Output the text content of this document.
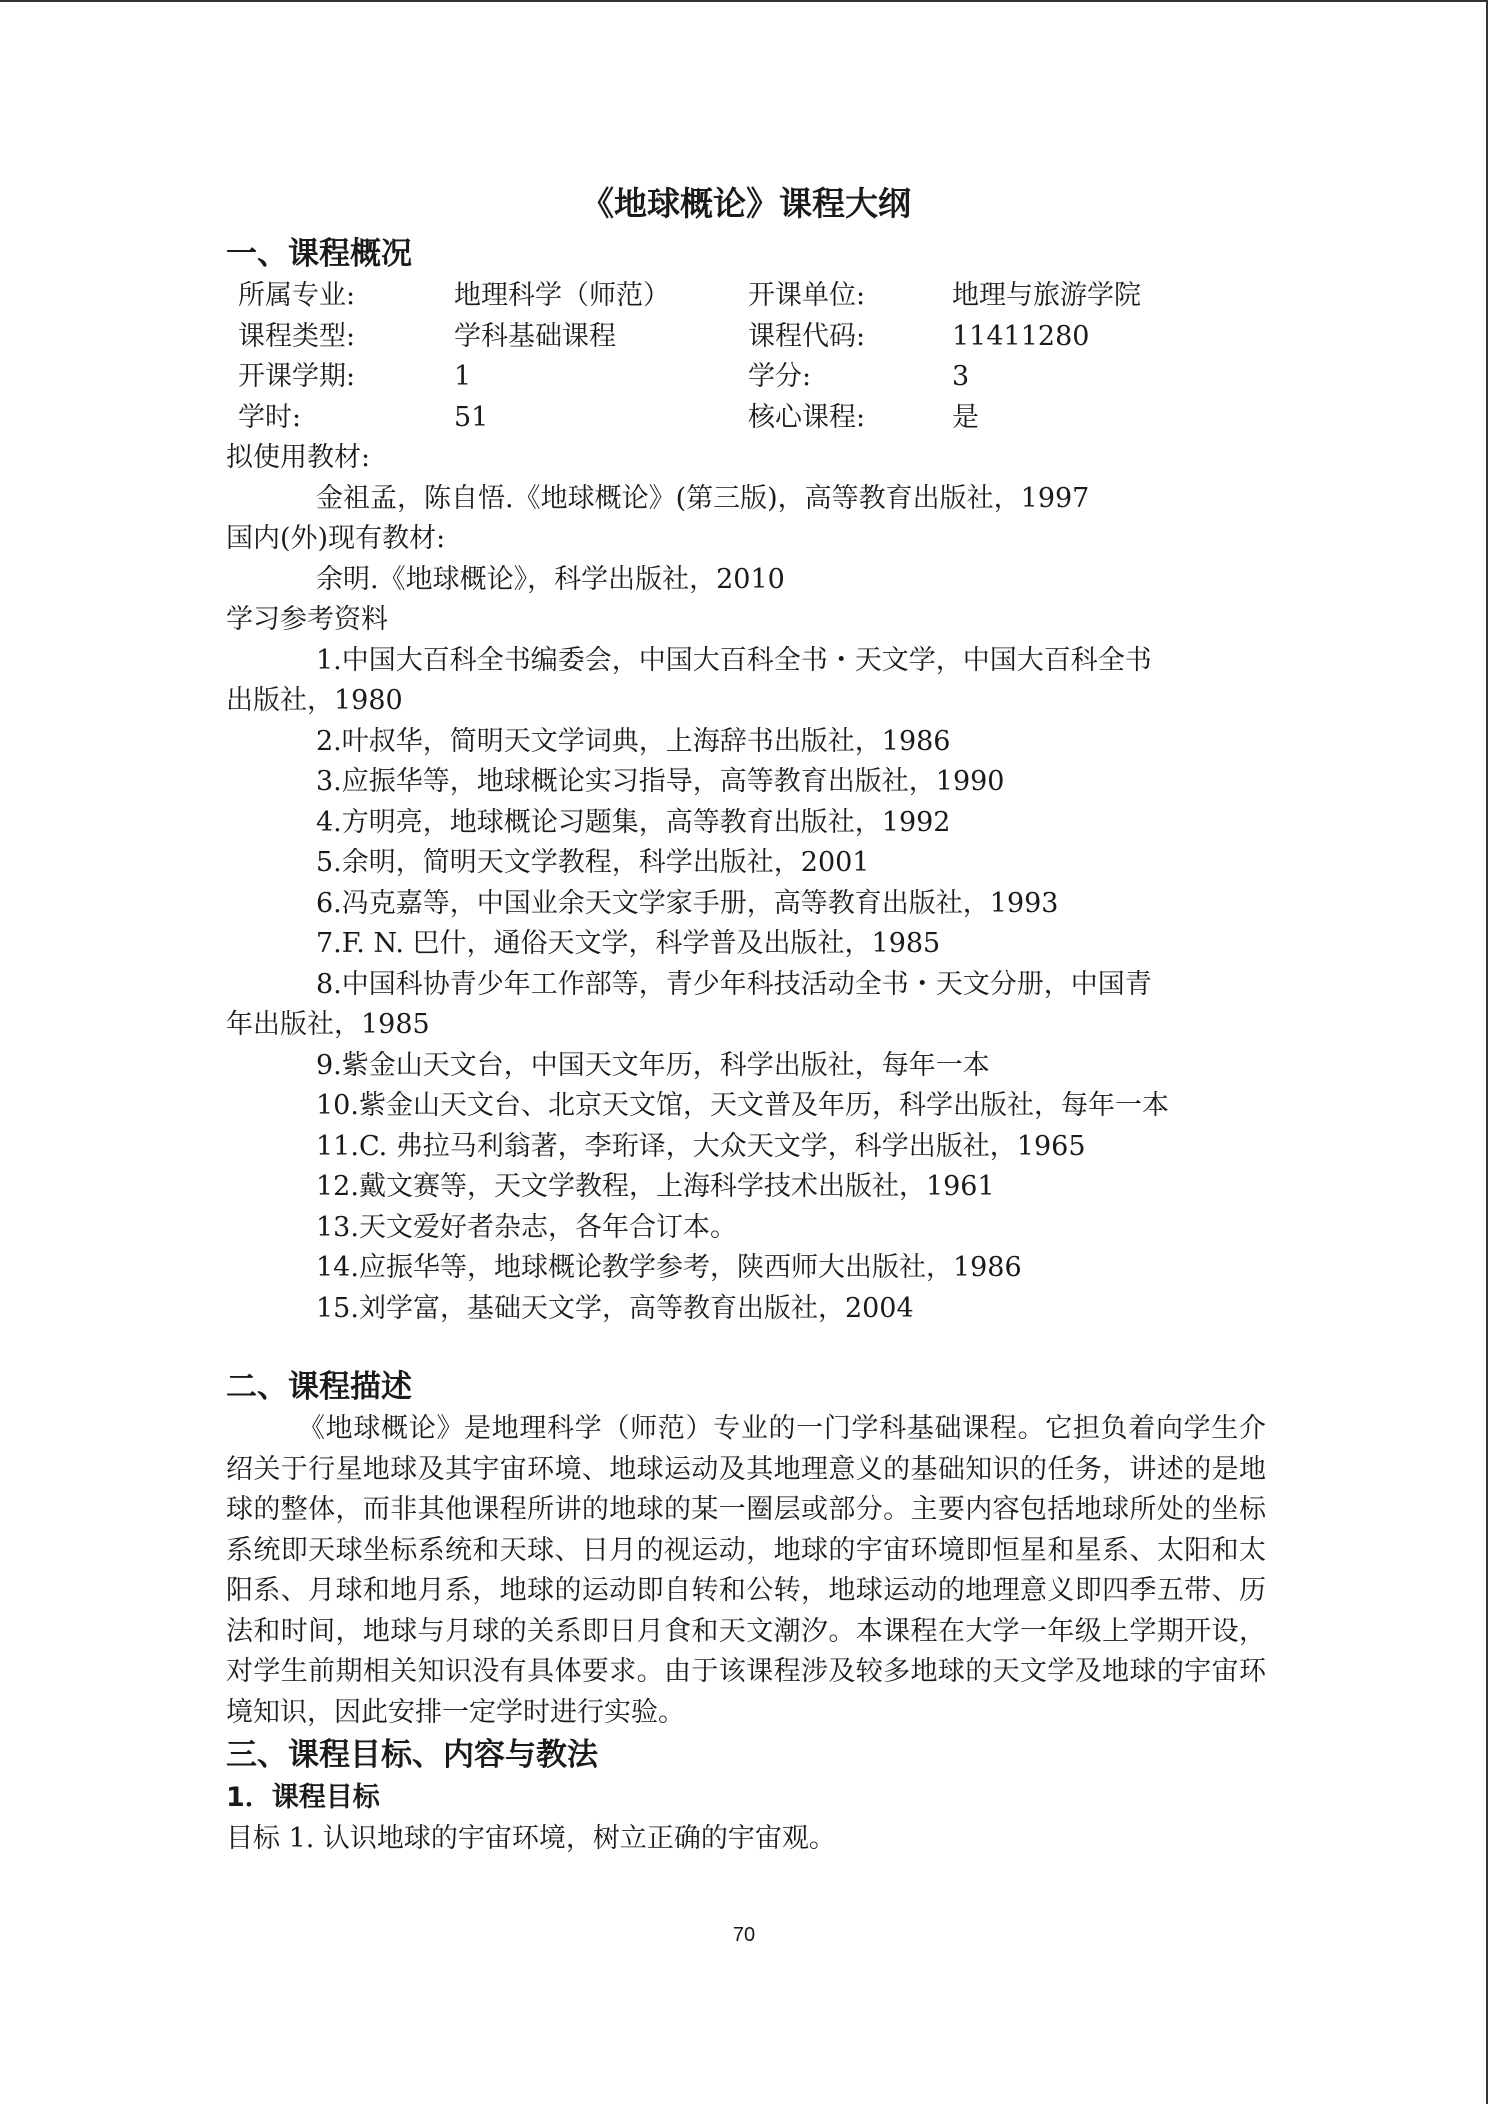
《地球概论》课程大纲
一、课程概况
所属专业:	地理科学（师范）	开课单位:	地理与旅游学院
课程类型:	学科基础课程	课程代码:	11411280
开课学期:	1	学分:	3
学时:	51	核心课程:	是
拟使用教材:
金祖孟，陈自悟.《地球概论》(第三版)，高等教育出版社，1997
国内(外)现有教材:
余明.《地球概论》，科学出版社，2010
学习参考资料
1.中国大百科全书编委会，中国大百科全书・天文学，中国大百科全书
出版社，1980
2.叶叔华，简明天文学词典，上海辞书出版社，1986
3.应振华等，地球概论实习指导，高等教育出版社，1990
4.方明亮，地球概论习题集，高等教育出版社，1992
5.余明，简明天文学教程，科学出版社，2001
6.冯克嘉等，中国业余天文学家手册，高等教育出版社，1993
7.F. N. 巴什，通俗天文学，科学普及出版社，1985
8.中国科协青少年工作部等，青少年科技活动全书・天文分册，中国青
年出版社，1985
9.紫金山天文台，中国天文年历，科学出版社，每年一本
10.紫金山天文台、北京天文馆，天文普及年历，科学出版社，每年一本
11.C. 弗拉马利翁著，李珩译，大众天文学，科学出版社，1965
12.戴文赛等，天文学教程，上海科学技术出版社，1961
13.天文爱好者杂志，各年合订本。
14.应振华等，地球概论教学参考，陕西师大出版社，1986
15.刘学富，基础天文学，高等教育出版社，2004
二、课程描述

《地球概论》是地理科学（师范）专业的一门学科基础课程。它担负着向学生介绍关于行星地球及其宇宙环境、地球运动及其地理意义的基础知识的任务，讲述的是地球的整体，而非其他课程所讲的地球的某一圈层或部分。主要内容包括地球所处的坐标系统即天球坐标系统和天球、日月的视运动，地球的宇宙环境即恒星和星系、太阳和太阳系、月球和地月系，地球的运动即自转和公转，地球运动的地理意义即四季五带、历法和时间，地球与月球的关系即日月食和天文潮汐。本课程在大学一年级上学期开设，对学生前期相关知识没有具体要求。由于该课程涉及较多地球的天文学及地球的宇宙环境知识，因此安排一定学时进行实验。

三、课程目标、内容与教法
1．课程目标
目标 1. 认识地球的宇宙环境，树立正确的宇宙观。
70
